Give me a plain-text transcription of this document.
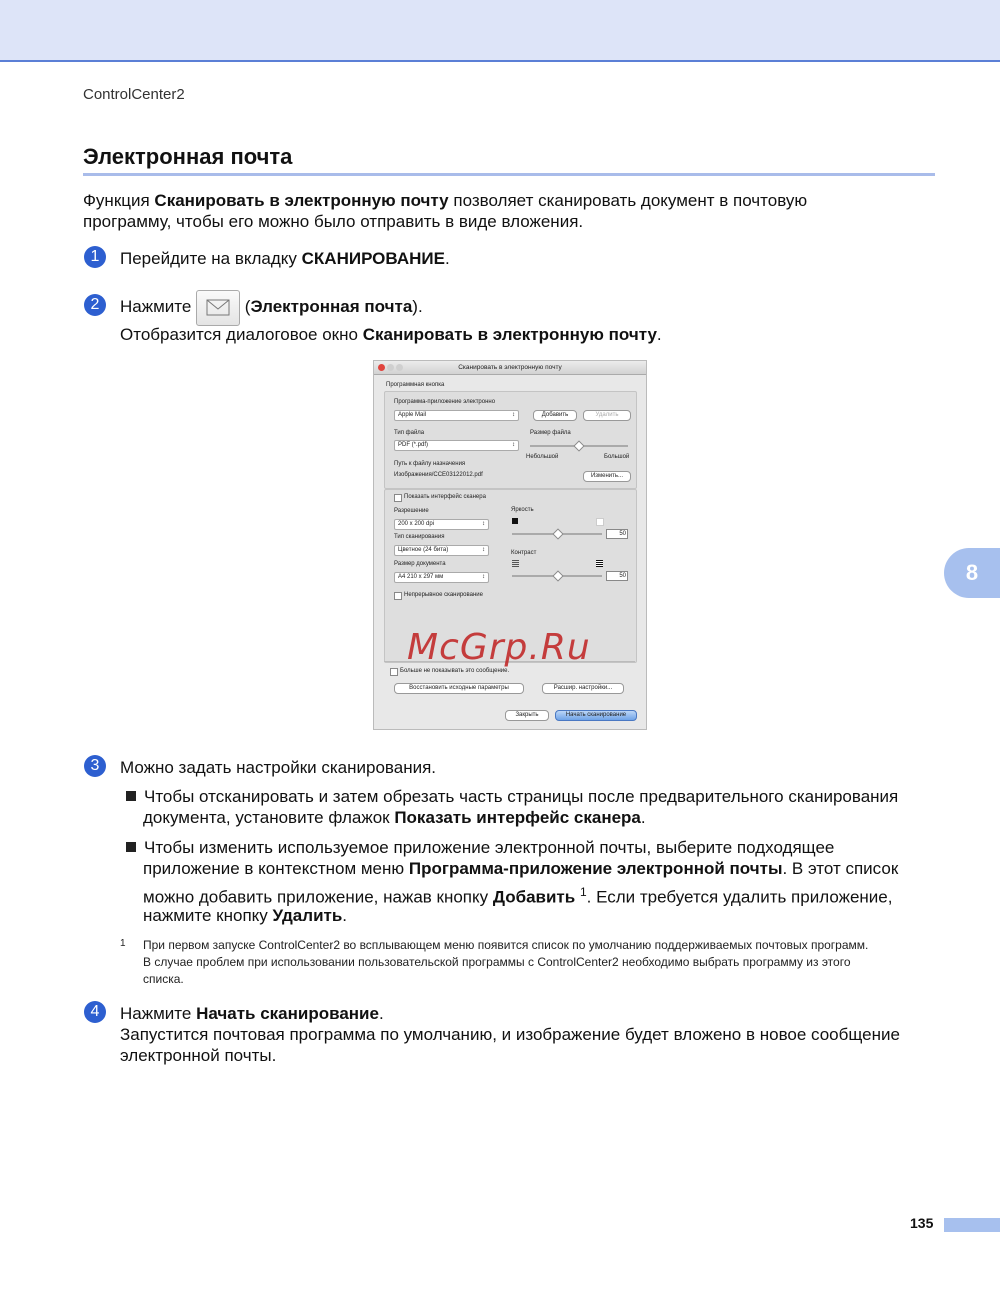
ControlCenter2
Электронная почта
Функция Сканировать в электронную почту позволяет сканировать документ в почтовую
программу, чтобы его можно было отправить в виде вложения.
1	Перейдите на вкладку СКАНИРОВАНИЕ.
2	Нажмите	(Электронная почта).
Отобразится диалоговое окно Сканировать в электронную почту.
Сканировать в электронную почту
Программная кнопка
Программа-приложение электронно
Apple Mail	↕	Добавить	Удалить
Тип файла
PDF (*.pdf)	↕
Размер файла
Небольшой	Большой
Путь к файлу назначения
Изображения/CCE03122012.pdf	Изменить...
Показать интерфейс сканера
Разрешение
200 x 200 dpi	↕
Яркость
50
Тип сканирования
Цветное (24 бита)	↕	Контраст
50
Размер документа
A4 210 x 297 мм	↕
Непрерывное сканирование
Больше не показывать это сообщение.
Восстановить исходные параметры	Расшир. настройки...
Закрыть	Начать сканирование
McGrp.Ru
3	Можно задать настройки сканирования.
Чтобы отсканировать и затем обрезать часть страницы после предварительного сканирования
документа, установите флажок Показать интерфейс сканера.
Чтобы изменить используемое приложение электронной почты, выберите подходящее
приложение в контекстном меню Программа-приложение электронной почты. В этот список
можно добавить приложение, нажав кнопку Добавить $^1$. Если требуется удалить приложение,
нажмите кнопку Удалить.
1 При первом запуске ControlCenter2 во всплывающем меню появится список по умолчанию поддерживаемых почтовых программ.
В случае проблем при использовании пользовательской программы с ControlCenter2 необходимо выбрать программу из этого
списка.
4	Нажмите Начать сканирование.
Запустится почтовая программа по умолчанию, и изображение будет вложено в новое сообщение
электронной почты.
8
135
